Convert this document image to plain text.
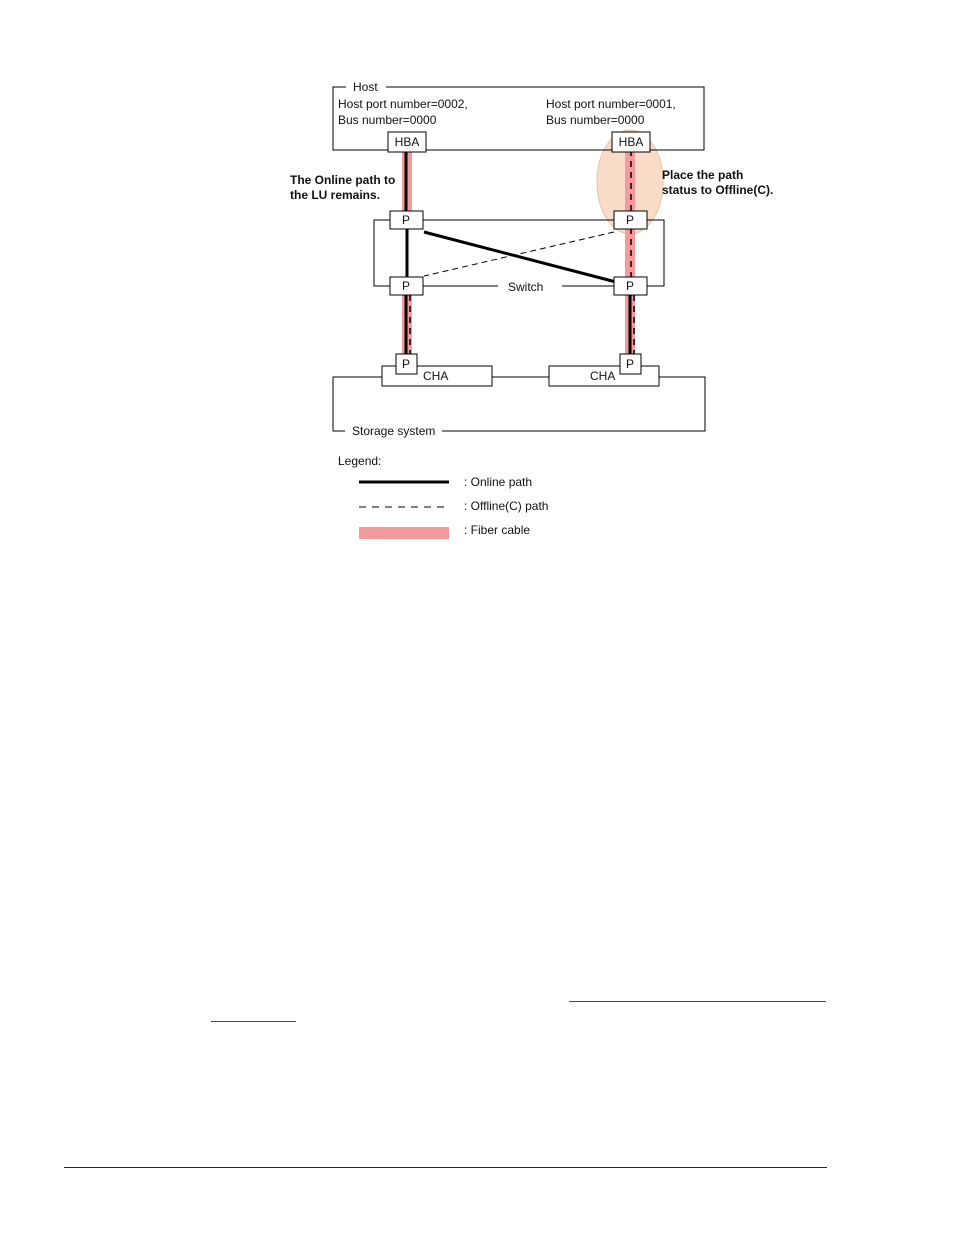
Host
Host port number=0002,
Bus number=0000
Host port number=0001,
Bus number=0000
Switch
Storage system
HBA	HBA
P	P
P	P
CHA	CHA
P	P
The Online path to
the LU remains.
Place the path
status to Offline(C).
Legend:
: Online path
: Offline(C) path
: Fiber cable
